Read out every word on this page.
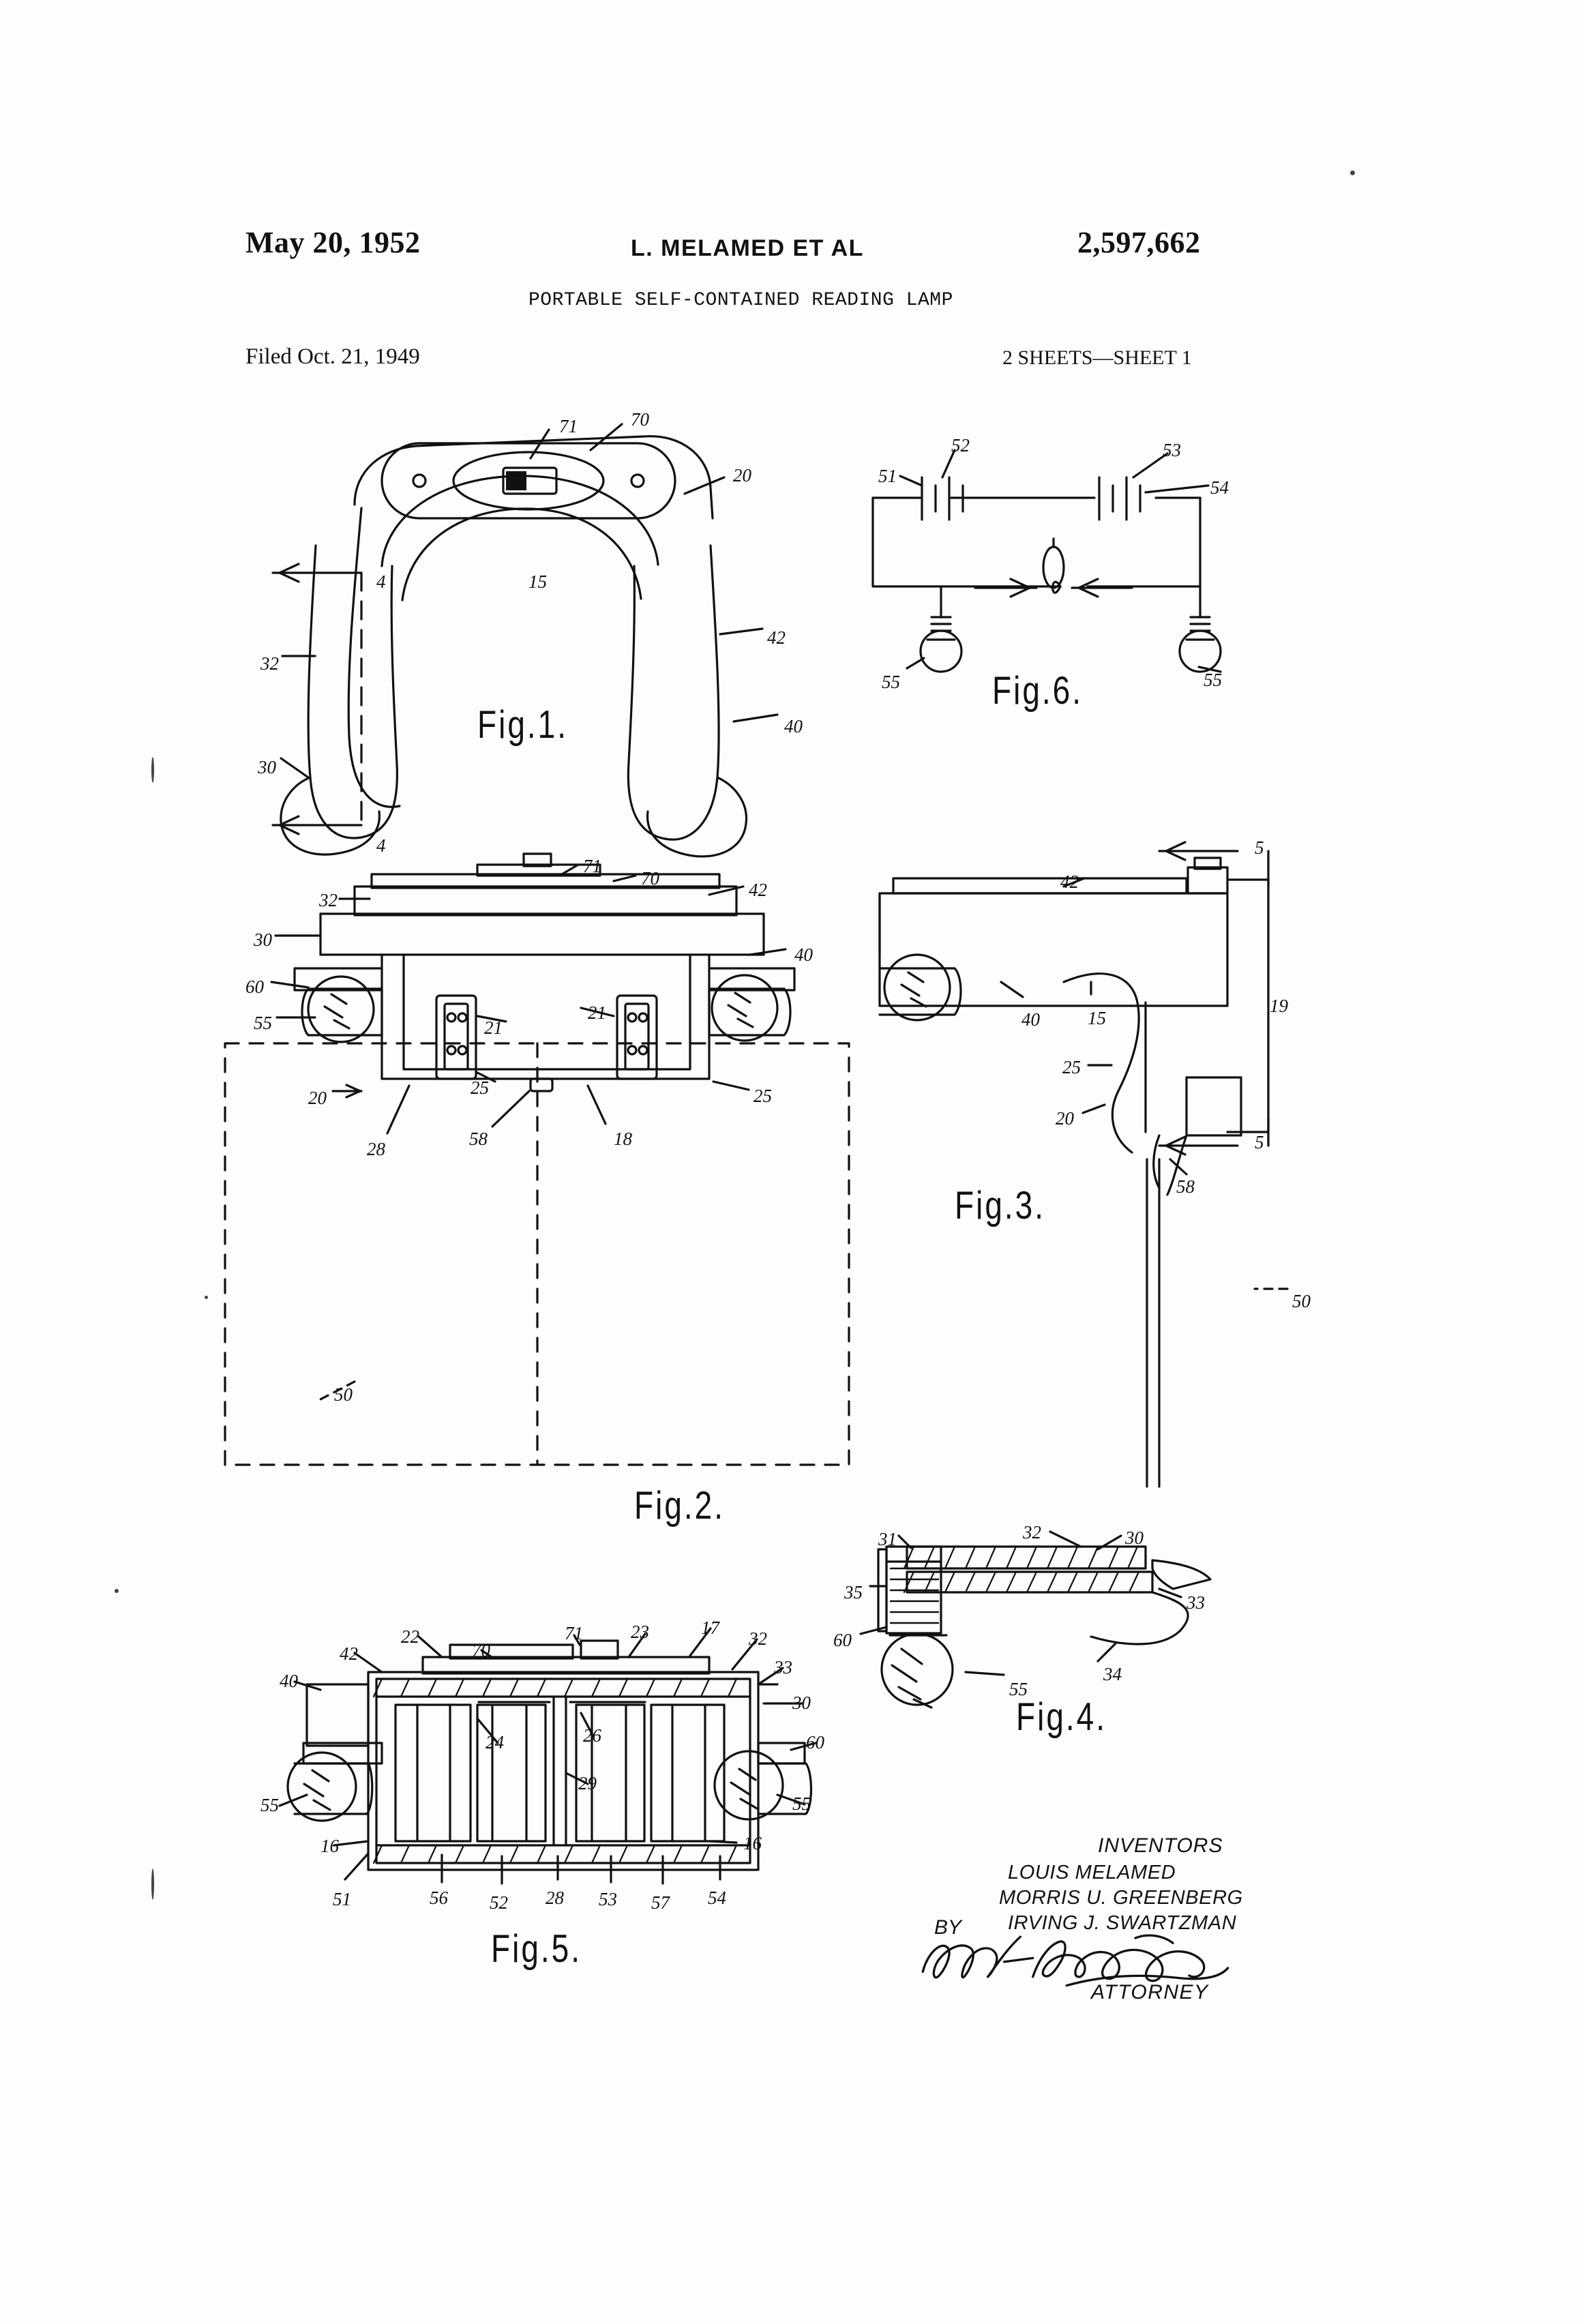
May 20, 1952	L. MELAMED ET AL	2,597,662
PORTABLE SELF-CONTAINED READING LAMP
Filed Oct. 21, 1949	2 SHEETS—SHEET 1
71	70
20
4	15
42
32
40
30
4
52	53
51
54
55	55
71
70
42
32
30
40
60
55	21
21
20	25	25
28	58	18
50
5
42
40	15
19
25
20
5
58
50
31	32	30
35	33
60
34
55
70
71
22	23	17
32
42
33
40
30
24	26	60
55	55
29
16	16
51	56 52 28 53 57 54
Fig.1.
Fig.6.
Fig.2.
Fig.3.
Fig.4.
Fig.5.
INVENTORS
LOUIS MELAMED
MORRIS U. GREENBERG
IRVING J. SWARTZMAN
BY
ATTORNEY
